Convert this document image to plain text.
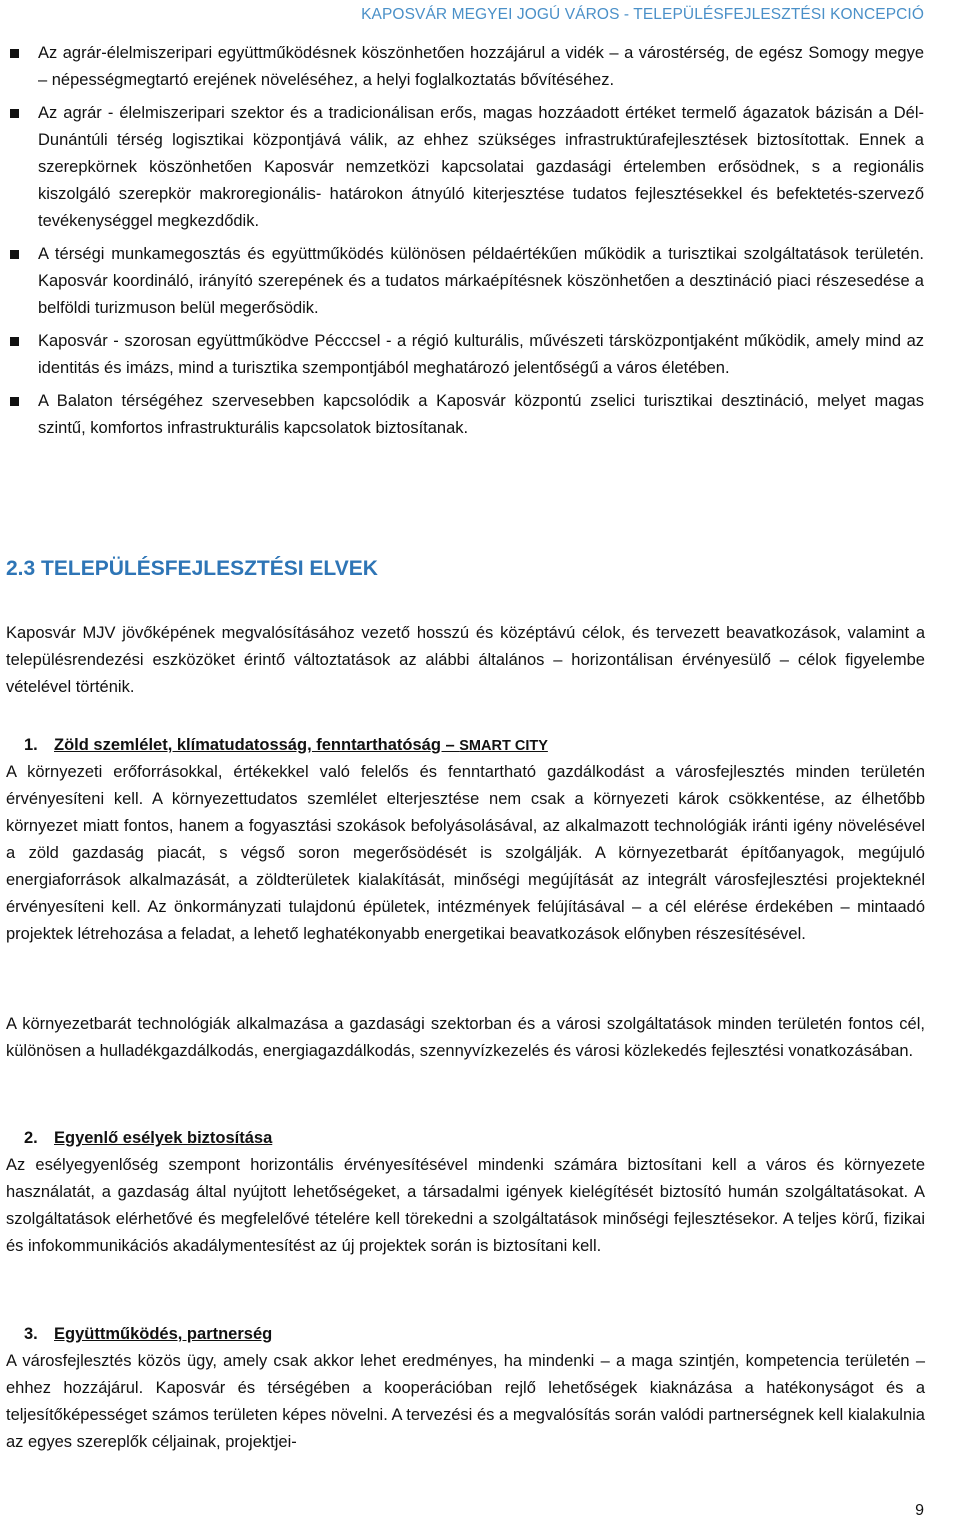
KAPOSVÁR MEGYEI JOGÚ VÁROS - TELEPÜLÉSFEJLESZTÉSI KONCEPCIÓ
Az agrár-élelmiszeripari együttműködésnek köszönhetően hozzájárul a vidék – a várostérség, de egész Somogy megye – népességmegtartó erejének növeléséhez, a helyi foglalkoztatás bővítéséhez.
Az agrár - élelmiszeripari szektor és a tradicionálisan erős, magas hozzáadott értéket termelő ágazatok bázisán a Dél-Dunántúli térség logisztikai központjává válik, az ehhez szükséges infrastruktúrafejlesztések biztosítottak. Ennek a szerepkörnek köszönhetően Kaposvár nemzetközi kapcsolatai gazdasági értelemben erősödnek, s a regionális kiszolgáló szerepkör makroregionális- határokon átnyúló kiterjesztése tudatos fejlesztésekkel és befektetés-szervező tevékenységgel megkezdődik.
A térségi munkamegosztás és együttműködés különösen példaértékűen működik a turisztikai szolgáltatások területén. Kaposvár koordináló, irányító szerepének és a tudatos márkaépítésnek köszönhetően a desztináció piaci részesedése a belföldi turizmuson belül megerősödik.
Kaposvár - szorosan együttműködve Pécccsel - a régió kulturális, művészeti társközpontjaként működik, amely mind az identitás és imázs, mind a turisztika szempontjából meghatározó jelentőségű a város életében.
A Balaton térségéhez szervesebben kapcsolódik a Kaposvár központú zselici turisztikai desztináció, melyet magas szintű, komfortos infrastrukturális kapcsolatok biztosítanak.
2.3 TELEPÜLÉSFEJLESZTÉSI ELVEK

Kaposvár MJV jövőképének megvalósításához vezető hosszú és középtávú célok, és tervezett beavatkozások, valamint a településrendezési eszközöket érintő változtatások az alábbi általános – horizontálisan érvényesülő – célok figyelembe vételével történik.

1. Zöld szemlélet, klímatudatosság, fenntarthatóság – SMART CITY

A környezeti erőforrásokkal, értékekkel való felelős és fenntartható gazdálkodást a városfejlesztés minden területén érvényesíteni kell. A környezettudatos szemlélet elterjesztése nem csak a környezeti károk csökkentése, az élhetőbb környezet miatt fontos, hanem a fogyasztási szokások befolyásolásával, az alkalmazott technológiák iránti igény növelésével a zöld gazdaság piacát, s végső soron megerősödését is szolgálják. A környezetbarát építőanyagok, megújuló energiaforrások alkalmazását, a zöldterületek kialakítását, minőségi megújítását az integrált városfejlesztési projekteknél érvényesíteni kell. Az önkormányzati tulajdonú épületek, intézmények felújításával – a cél elérése érdekében – mintaadó projektek létrehozása a feladat, a lehető leghatékonyabb energetikai beavatkozások előnyben részesítésével.

A környezetbarát technológiák alkalmazása a gazdasági szektorban és a városi szolgáltatások minden területén fontos cél, különösen a hulladékgazdálkodás, energiagazdálkodás, szennyvízkezelés és városi közlekedés fejlesztési vonatkozásában.

2. Egyenlő esélyek biztosítása

Az esélyegyenlőség szempont horizontális érvényesítésével mindenki számára biztosítani kell a város és környezete használatát, a gazdaság által nyújtott lehetőségeket, a társadalmi igények kielégítését biztosító humán szolgáltatásokat. A szolgáltatások elérhetővé és megfelelővé tételére kell törekedni a szolgáltatások minőségi fejlesztésekor. A teljes körű, fizikai és infokommunikációs akadálymentesítést az új projektek során is biztosítani kell.

3. Együttműködés, partnerség

A városfejlesztés közös ügy, amely csak akkor lehet eredményes, ha mindenki – a maga szintjén, kompetencia területén – ehhez hozzájárul. Kaposvár és térségében a kooperációban rejlő lehetőségek kiaknázása a hatékonyságot és a teljesítőképességet számos területen képes növelni. A tervezési és a megvalósítás során valódi partnerségnek kell kialakulnia az egyes szereplők céljainak, projektjei-

9
